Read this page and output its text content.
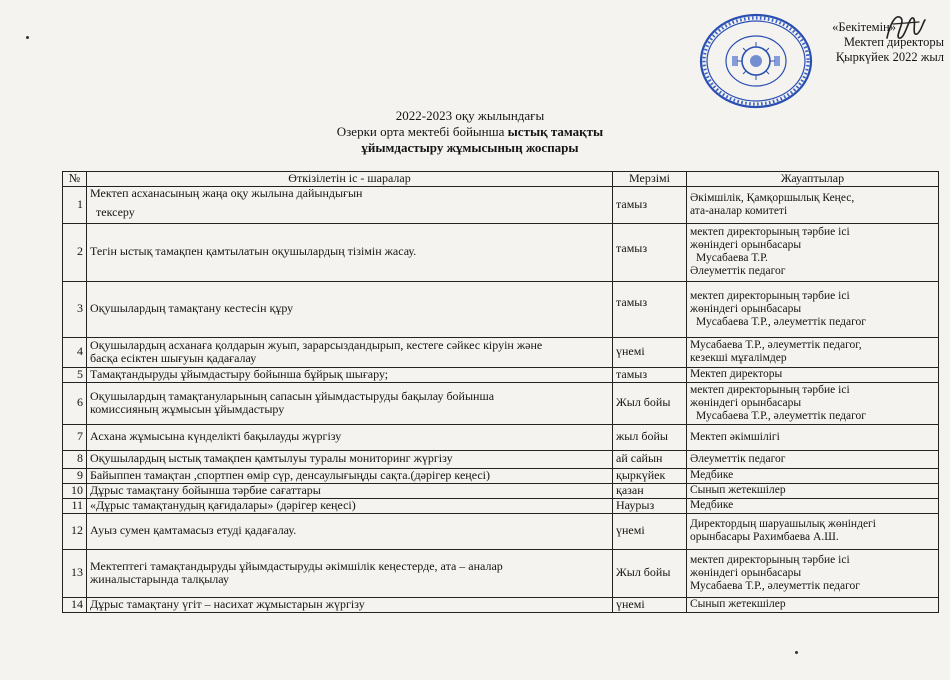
«Бекітемін»
Мектеп директоры
Қыркүйек 2022 жыл
2022-2023 оқу жылындағы
Озерки орта мектебі бойынша ыстық тамақты
ұйымдастыру жұмысының жоспары
№	Өткізілетін іс - шаралар	Мерзімі	Жауаптылар
1	Мектеп асханасының жаңа оқу жылына дайындығын
тексеру	тамыз	Әкімшілік, Қамқоршылық Кеңес,
ата-аналар комитеті
2	Тегін ыстық тамақпен қамтылатын оқушылардың тізімін жасау.	тамыз	мектеп директорының тәрбие ісі
жөніндегі орынбасары
Мусабаева Т.Р.
Әлеуметтік педагог
3	Оқушылардың тамақтану кестесін құру	тамыз	мектеп директорының тәрбие ісі
жөніндегі орынбасары
Мусабаева Т.Р., әлеуметтік педагог
4	Оқушылардың асханаға қолдарын жуып, зарарсыздандырып, кестеге сәйкес кіруін және
басқа есіктен шығуын қадағалау	үнемі	Мусабаева Т.Р., әлеуметтік педагог,
кезекші мұғалімдер
5	Тамақтандыруды ұйымдастыру бойынша бұйрық шығару;	тамыз	Мектеп директоры
6	Оқушылардың тамақтануларының сапасын ұйымдастыруды бақылау бойынша
комиссияның жұмысын ұйымдастыру	Жыл бойы	мектеп директорының тәрбие ісі
жөніндегі орынбасары
Мусабаева Т.Р., әлеуметтік педагог
7	Асхана жұмысына күнделікті бақылауды жүргізу	жыл бойы	Мектеп әкімшілігі
8	Оқушылардың ыстық тамақпен қамтылуы туралы мониторинг жүргізу	ай сайын	Әлеуметтік педагог
9	Байыппен тамақтан ,спортпен өмір сүр, денсаулығыңды сақта.(дәрігер кеңесі)	қыркүйек	Медбике
10	Дұрыс тамақтану бойынша тәрбие сағаттары	қазан	Сынып жетекшілер
11	«Дұрыс тамақтанудың қағидалары» (дәрігер кеңесі)	Наурыз	Медбике
12	Ауыз сумен қамтамасыз етуді қадағалау.	үнемі	Директордың шаруашылық жөніндегі
орынбасары Рахимбаева А.Ш.
13	Мектептегі тамақтандыруды ұйымдастыруды әкімшілік кеңестерде, ата – аналар
жиналыстарында талқылау	Жыл бойы	мектеп директорының тәрбие ісі
жөніндегі орынбасары
Мусабаева Т.Р., әлеуметтік педагог
14	Дұрыс тамақтану үгіт – насихат жұмыстарын жүргізу	үнемі	Сынып жетекшілер
